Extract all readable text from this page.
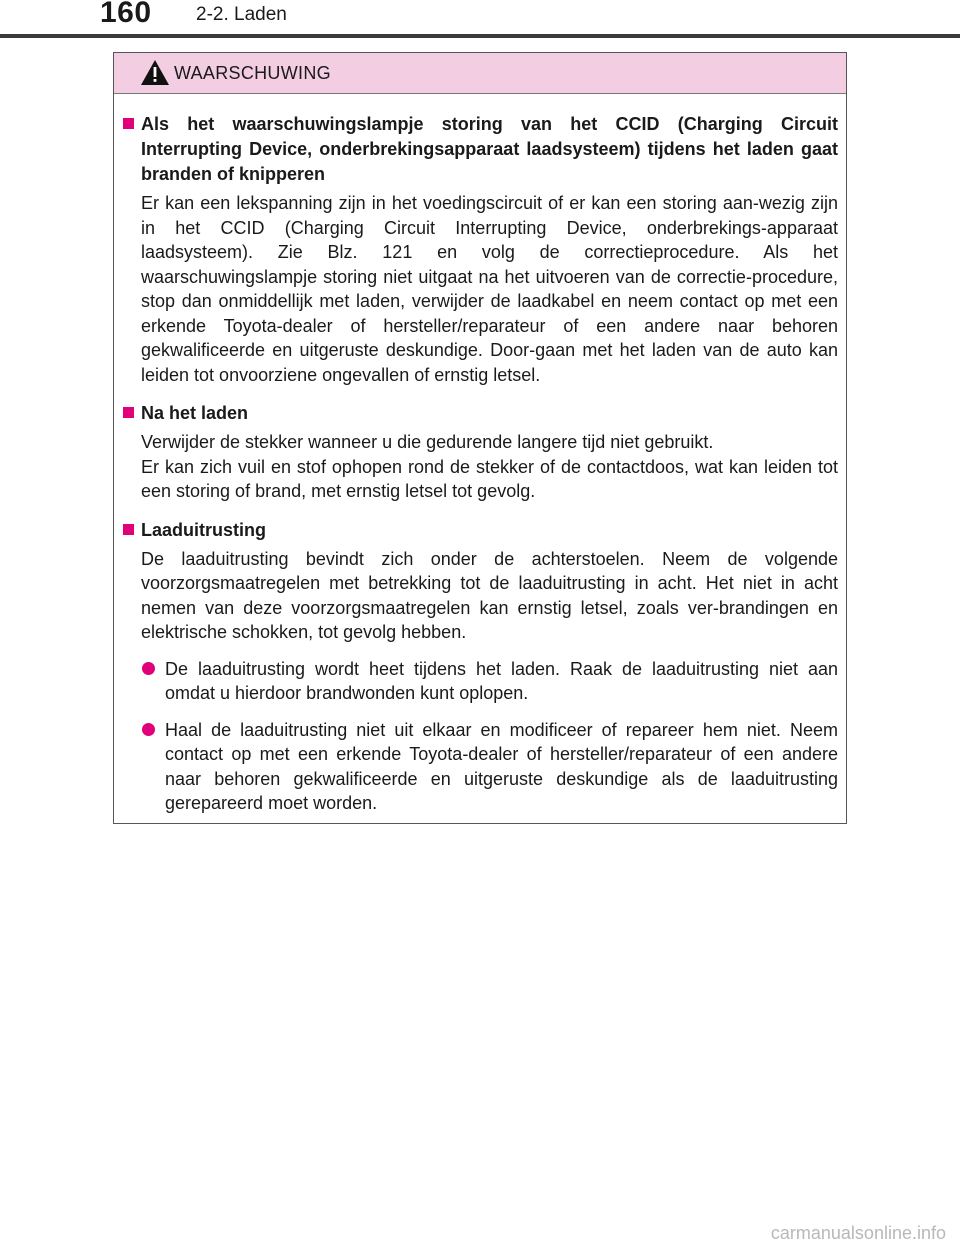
160 2-2. Laden
WAARSCHUWING
Als het waarschuwingslampje storing van het CCID (Charging Circuit Interrupting Device, onderbrekingsapparaat laadsysteem) tijdens het laden gaat branden of knipperen
Er kan een lekspanning zijn in het voedingscircuit of er kan een storing aan-wezig zijn in het CCID (Charging Circuit Interrupting Device, onderbrekings-apparaat laadsysteem). Zie Blz. 121 en volg de correctieprocedure. Als het waarschuwingslampje storing niet uitgaat na het uitvoeren van de correctie-procedure, stop dan onmiddellijk met laden, verwijder de laadkabel en neem contact op met een erkende Toyota-dealer of hersteller/reparateur of een andere naar behoren gekwalificeerde en uitgeruste deskundige. Door-gaan met het laden van de auto kan leiden tot onvoorziene ongevallen of ernstig letsel.
Na het laden
Verwijder de stekker wanneer u die gedurende langere tijd niet gebruikt.
Er kan zich vuil en stof ophopen rond de stekker of de contactdoos, wat kan leiden tot een storing of brand, met ernstig letsel tot gevolg.
Laaduitrusting
De laaduitrusting bevindt zich onder de achterstoelen. Neem de volgende voorzorgsmaatregelen met betrekking tot de laaduitrusting in acht. Het niet in acht nemen van deze voorzorgsmaatregelen kan ernstig letsel, zoals ver-brandingen en elektrische schokken, tot gevolg hebben.
De laaduitrusting wordt heet tijdens het laden. Raak de laaduitrusting niet aan omdat u hierdoor brandwonden kunt oplopen.
Haal de laaduitrusting niet uit elkaar en modificeer of repareer hem niet. Neem contact op met een erkende Toyota-dealer of hersteller/reparateur of een andere naar behoren gekwalificeerde en uitgeruste deskundige als de laaduitrusting gerepareerd moet worden.
carmanualsonline.info
